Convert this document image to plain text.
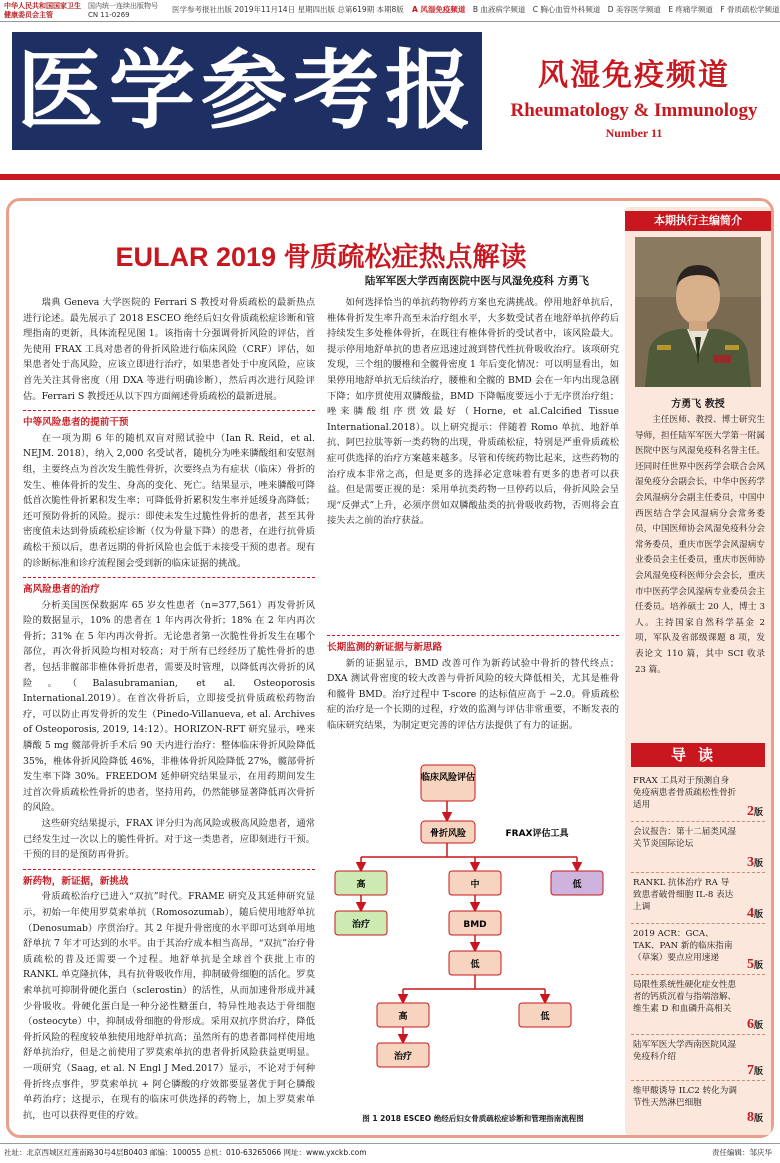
中华人民共和国国家卫生健康委员会主管
国内统一连续出版物号 CN 11-0269
医学参考报社出版 2019年11月14日 星期四出版 总第619期 本期8版 A 风湿免疫频道 B 血液病学频道 C 胸心血管外科频道 D 美容医学频道 E 疼痛学频道 F 骨质疏松学频道
医学参考报	风湿免疫频道
Rheumatology & Immunology
Number 11
EULAR 2019 骨质疏松症热点解读
陆军军医大学西南医院中医与风湿免疫科 方勇飞

瑞典 Geneva 大学医院的 Ferrari S 教授对骨质疏松的最新热点进行论述。最先展示了 2018 ESCEO 绝经后妇女骨质疏松症诊断和管理指南的更新，具体流程见图 1。该指南十分强调骨折风险的评估，首先使用 FRAX 工具对患者的骨折风险进行临床风险（CRF）评估，如果患者处于高风险，应该立即进行治疗，如果患者处于中度风险，应该首先关注其骨密度（用 DXA 等进行明确诊断），然后再次进行风险评估。Ferrari S 教授还从以下四方面阐述骨质疏松的最新进展。

中等风险患者的提前干预

在一项为期 6 年的随机双盲对照试验中（Ian R. Reid，et al. NEJM. 2018），纳入 2,000 名受试者，随机分为唑来膦酸组和安慰剂组，主要终点为首次发生脆性骨折，次要终点为有症状（临床）骨折的发生、椎体骨折的发生、身高的变化、死亡。结果显示，唑来膦酸可降低首次脆性骨折累积发生率；可降低骨折累积发生率并延缓身高降低；还可预防骨折的风险。提示：即使未发生过脆性骨折的患者，甚至其骨密度值未达到骨质疏松症诊断（仅为骨量下降）的患者，在进行抗骨质疏松干预以后，患者远期的骨折风险也会低于未接受干预的患者。现有的诊断标准和诊疗流程图会受到新的临床证据的挑战。

高风险患者的治疗

分析美国医保数据库 65 岁女性患者（n=377,561）再发骨折风险的数据显示，10% 的患者在 1 年内再次骨折；18% 在 2 年内再次骨折；31% 在 5 年内再次骨折。无论患者第一次脆性骨折发生在哪个部位，再次骨折风险均相对较高；对于所有已经经历了脆性骨折的患者，包括非髋部非椎体骨折患者，需要及时管理，以降低再次骨折的风险。（Balasubramanian, et al. Osteoporosis International.2019）。在首次骨折后，立即接受抗骨质疏松药物治疗，可以防止再发骨折的发生（Pinedo-Villanueva, et al. Archives of Osteoporosis, 2019, 14:12）。HORIZON-RFT 研究显示，唑来膦酸 5 mg 髋部骨折手术后 90 天内进行治疗：整体临床骨折风险降低 35%，椎体骨折风险降低 46%，非椎体骨折风险降低 27%，髋部骨折发生率下降 30%。FREEDOM 延伸研究结果显示，在用药期间发生过首次骨质疏松性骨折的患者，坚持用药，仍然能够显著降低再次骨折的风险。

这些研究结果提示，FRAX 评分归为高风险或极高风险患者，通常已经发生过一次以上的脆性骨折。对于这一类患者，应即刻进行干预。干预的目的是预防再骨折。

新药物，新证据，新挑战

骨质疏松治疗已进入“双抗”时代。FRAME 研究及其延伸研究显示，初始一年使用罗莫索单抗（Romosozumab），随后使用地舒单抗（Denosumab）序贯治疗。其 2 年提升骨密度的水平即可达到单用地舒单抗 7 年才可达到的水平。由于其治疗成本相当高昂，“双抗”治疗骨质疏松的普及还需要一个过程。地舒单抗是全球首个获批上市的 RANKL 单克隆抗体，具有抗骨吸收作用，抑制破骨细胞的活化。罗莫索单抗可抑制骨硬化蛋白（sclerostin）的活性，从而加速骨形成并减少骨吸收。骨硬化蛋白是一种分泌性糖蛋白，特异性地表达于骨细胞（osteocyte）中，抑制成骨细胞的骨形成。采用双抗序贯治疗，降低骨折风险的程度较单独使用地舒单抗高；虽然所有的患者都同样使用地舒单抗治疗，但是之前使用了罗莫索单抗的患者骨折风险获益更明显。一项研究（Saag, et al. N Engl J Med.2017）显示，不论对于何种骨折终点事件，罗莫索单抗 + 阿仑膦酸的疗效都要显著优于阿仑膦酸单药治疗；这提示，在现有的临床可供选择的药物上，加上罗莫索单抗，也可以获得更佳的疗效。

如何选择恰当的单抗药物停药方案也充满挑战。停用地舒单抗后，椎体骨折发生率升高至未治疗组水平，大多数受试者在地舒单抗停药后持续发生多处椎体骨折，在既往有椎体骨折的受试者中，该风险最大。提示停用地舒单抗的患者应迅速过渡到替代性抗骨吸收治疗。该项研究发现，三个组的腰椎和全髋骨密度 1 年后变化情况：可以明显看出，如果停用地舒单抗无后续治疗，腰椎和全髋的 BMD 会在一年内出现急剧下降；如序贯使用双膦酸盐，BMD 下降幅度要远小于无序贯治疗组；唑来膦酸组序贯效最好（Horne, et al.Calcified Tissue International.2018）。以上研究提示：伴随着 Romo 单抗、地舒单抗、阿巴拉肽等新一类药物的出现，骨质疏松症，特别是严重骨质疏松症可供选择的治疗方案越来越多。尽管和传统药物比起来，这些药物的治疗成本非常之高，但是更多的选择必定意味着有更多的患者可以获益。但是需要正视的是：采用单抗类药物一旦停药以后，骨折风险会呈现“反弹式”上升，必须序贯如双膦酸盐类的抗骨吸收药物，否则将会直接失去之前的治疗获益。

长期监测的新证据与新思路

新的证据显示，BMD 改善可作为新药试验中骨折的替代终点；DXA 测试骨密度的较大改善与骨折风险的较大降低相关，尤其是椎骨和髋骨 BMD。治疗过程中 T-score 的达标值应高于 −2.0。骨质疏松症的治疗是一个长期的过程，疗效的监测与评估非常重要，不断发表的临床研究结果，为制定更完善的评估方法提供了有力的证据。

临床风险评估
骨折风险	FRAX评估工具
高	中	低
治疗	BMD
低
高	低
治疗
图 1 2018 ESCEO 绝经后妇女骨质疏松症诊断和管理指南流程图
本期执行主编简介
方勇飞 教授
主任医师、教授、博士研究生导师，担任陆军军医大学第一附属医院中医与风湿免疫科名誉主任。还同时任世界中医药学会联合会风湿免疫分会副会长，中华中医药学会风湿病分会副主任委员，中国中西医结合学会风湿病分会常务委员，中国医师协会风湿免疫科分会常务委员，重庆市医学会风湿病专业委员会主任委员，重庆市医师协会风湿免疫科医师分会会长，重庆市中医药学会风湿病专业委员会主任委员。培养硕士 20 人，博士 3 人。主持国家自然科学基金 2 项，军队及省部级课题 8 项，发表论文 110 篇，其中 SCI 收录 23 篇。
导读
FRAX 工具对于预测自身免疫病患者骨质疏松性骨折适用	2版
会议报告：第十二届类风湿关节炎国际论坛
3版
RANKL 抗体治疗 RA 导致患者破骨细胞 IL-8 表达上调	4版
2019 ACR：GCA、TAK、PAN 新的临床指南（草案）要点应用速递	5版
局限性系统性硬化症女性患者的钙质沉着与指端溶解、维生素 D 和血磷升高相关
6版
陆军军医大学西南医院风湿免疫科介绍
7版
维甲酸诱导 ILC2 转化为调节性天然淋巴细胞
8版
社址：北京西城区红莲南路30号4层B0403 邮编：100055 总机：010-63265066 网址：www.yxckb.com	责任编辑：邹庆华
